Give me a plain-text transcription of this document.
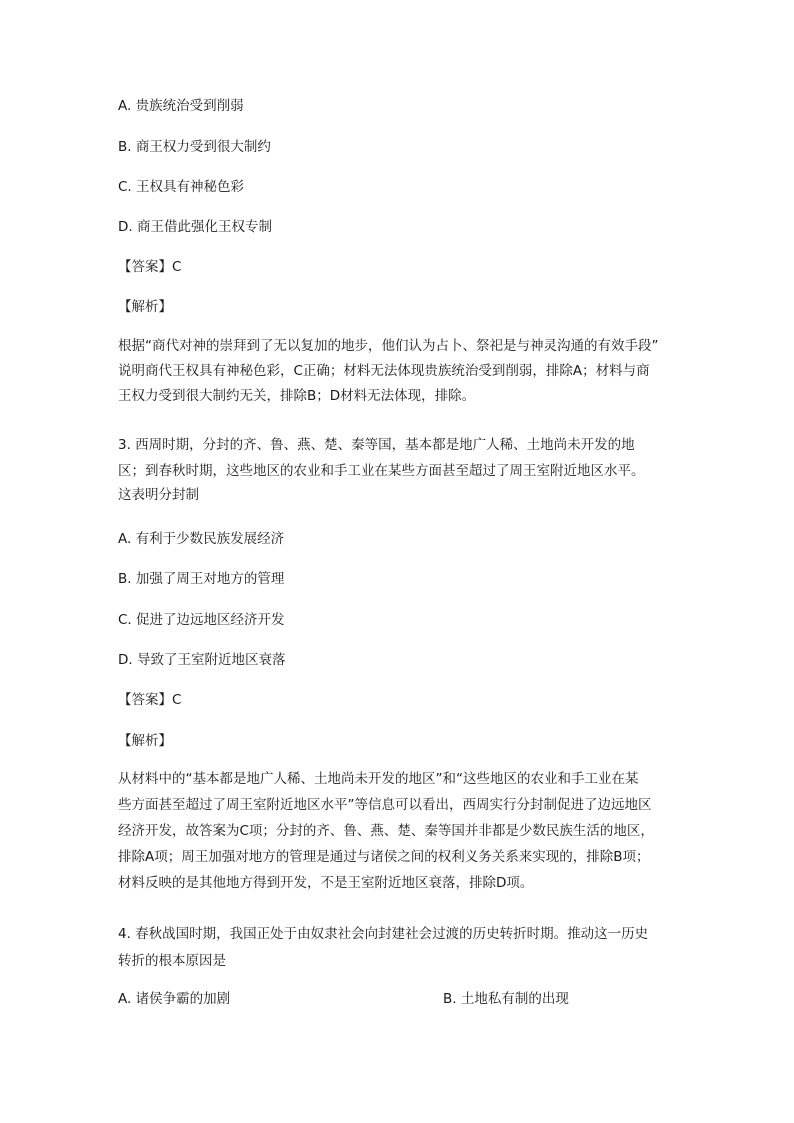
A. 贵族统治受到削弱
B. 商王权力受到很大制约
C. 王权具有神秘色彩
D. 商王借此强化王权专制
【答案】C
【解析】
根据“商代对神的崇拜到了无以复加的地步，他们认为占卜、祭祀是与神灵沟通的有效手段”
说明商代王权具有神秘色彩，C正确；材料无法体现贵族统治受到削弱，排除A；材料与商
王权力受到很大制约无关，排除B；D材料无法体现，排除。
3. 西周时期，分封的齐、鲁、燕、楚、秦等国，基本都是地广人稀、土地尚未开发的地
区；到春秋时期，这些地区的农业和手工业在某些方面甚至超过了周王室附近地区水平。
这表明分封制
A. 有利于少数民族发展经济
B. 加强了周王对地方的管理
C. 促进了边远地区经济开发
D. 导致了王室附近地区衰落
【答案】C
【解析】
从材料中的“基本都是地广人稀、土地尚未开发的地区”和“这些地区的农业和手工业在某
些方面甚至超过了周王室附近地区水平”等信息可以看出，西周实行分封制促进了边远地区
经济开发，故答案为C项；分封的齐、鲁、燕、楚、秦等国并非都是少数民族生活的地区，
排除A项；周王加强对地方的管理是通过与诸侯之间的权利义务关系来实现的，排除B项；
材料反映的是其他地方得到开发，不是王室附近地区衰落，排除D项。
4. 春秋战国时期，我国正处于由奴隶社会向封建社会过渡的历史转折时期。推动这一历史
转折的根本原因是
A. 诸侯争霸的加剧	B. 土地私有制的出现
